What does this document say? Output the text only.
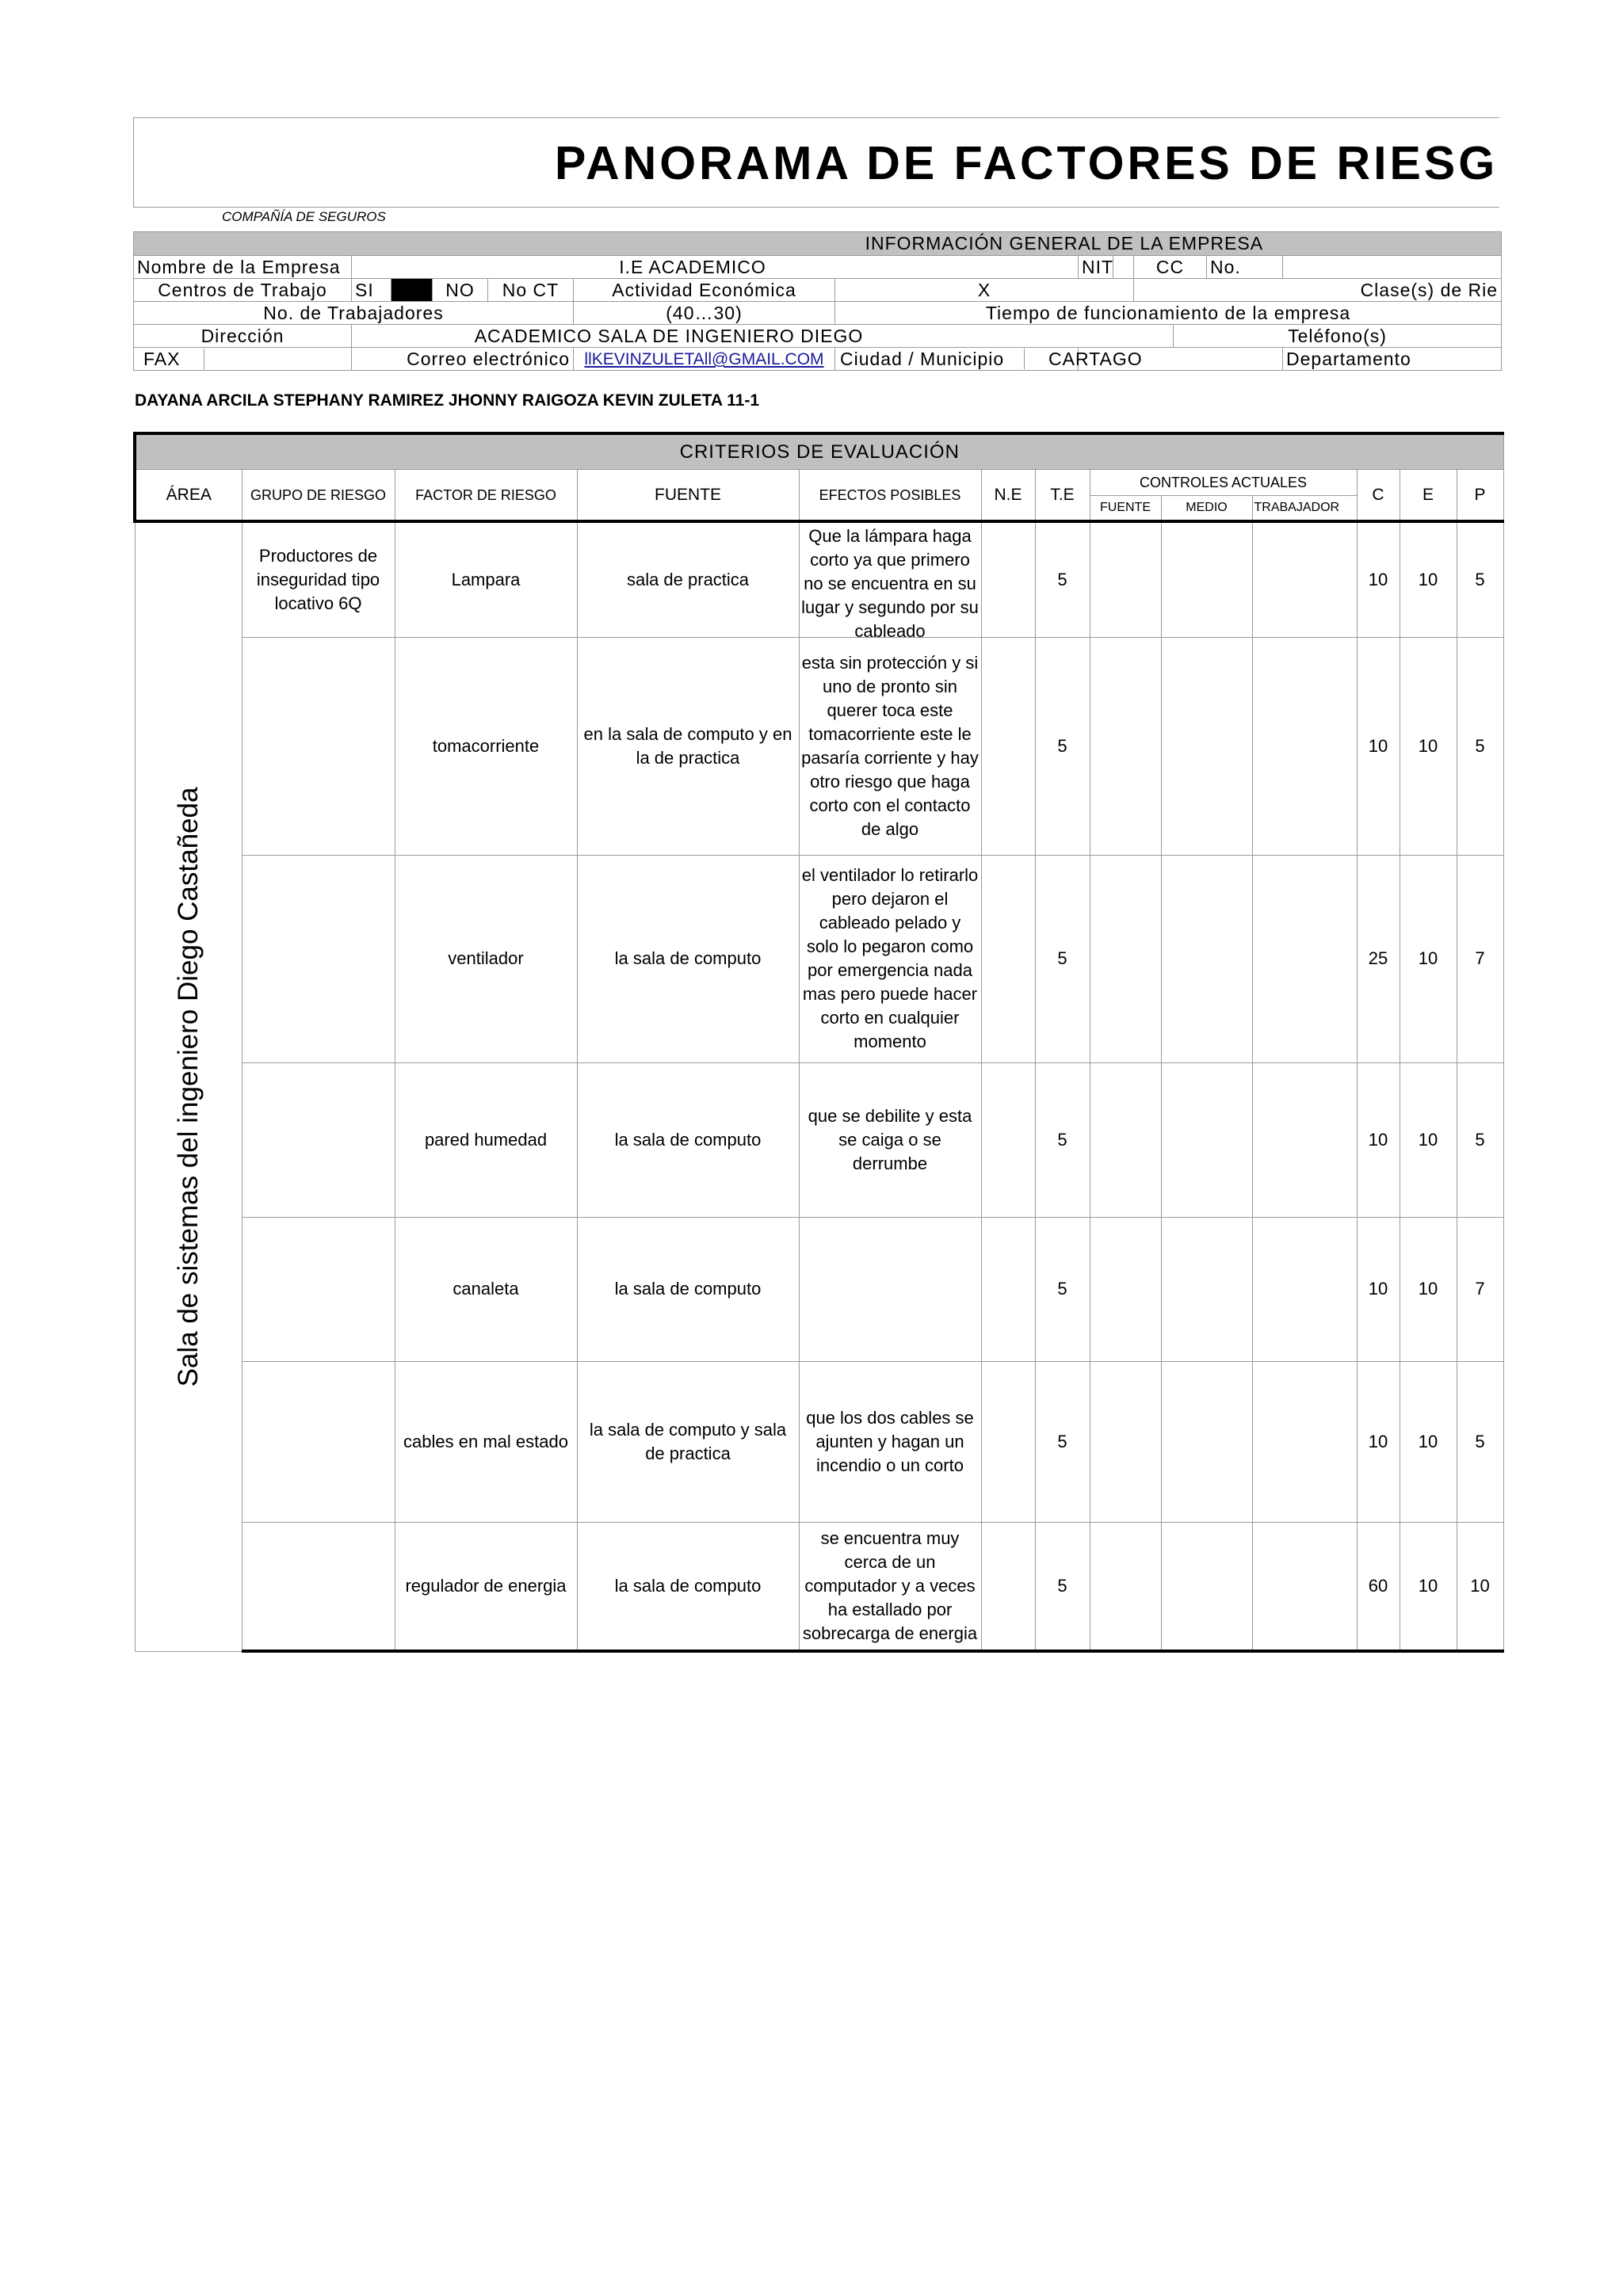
PANORAMA DE FACTORES DE RIESG
COMPAÑÍA DE SEGUROS
INFORMACIÓN GENERAL DE LA EMPRESA												
Nombre de la Empresa	I.E ACADEMICO						NIT		CC		No.	
Centros de Trabajo	SI		NO	No CT	Actividad Económica	X			Clase(s) de Rie			
No. de Trabajadores					(40…30)	Tiempo de funcionamiento de la empresa						
Dirección	ACADEMICO SALA DE INGENIERO DIEGO									Teléfono(s)		
FAX	Correo electrónico				llKEVINZULETAll@GMAIL.COM	Ciudad / Municipio CARTAGO						Departamento
DAYANA ARCILA STEPHANY RAMIREZ JHONNY RAIGOZA KEVIN ZULETA 11-1
CRITERIOS DE EVALUACIÓN												
ÁREA	GRUPO DE RIESGO	FACTOR DE RIESGO	FUENTE	EFECTOS POSIBLES	N.E	T.E	CONTROLES ACTUALES			C	E	P
							FUENTE	MEDIO	TRABAJADOR			

Sala de sistemas del ingeniero Diego Castañeda	Productores de inseguridad tipo locativo 6Q	Lampara	sala de practica	Que la lámpara haga corto ya que primero no se encuentra en su lugar y segundo por su cableado		5				10	10	5

		tomacorriente	en la sala de computo y en la de practica	esta sin protección y si uno de pronto sin querer toca este tomacorriente este le pasaría corriente y hay otro riesgo que haga corto con el contacto de algo		5				10	10	5

		ventilador	la sala de computo	el ventilador lo retirarlo pero dejaron el cableado pelado y solo lo pegaron como por emergencia nada mas pero puede hacer corto en cualquier momento		5				25	10	7

		pared humedad	la sala de computo	que se debilite y esta se caiga o se derrumbe		5				10	10	5

		canaleta	la sala de computo			5				10	10	7

		cables en mal estado	la sala de computo y sala de practica	que los dos cables se ajunten y hagan un incendio o un corto		5				10	10	5

		regulador de energia	la sala de computo	se encuentra muy cerca de un computador y a veces ha estallado por sobrecarga de energia		5				60	10	10
